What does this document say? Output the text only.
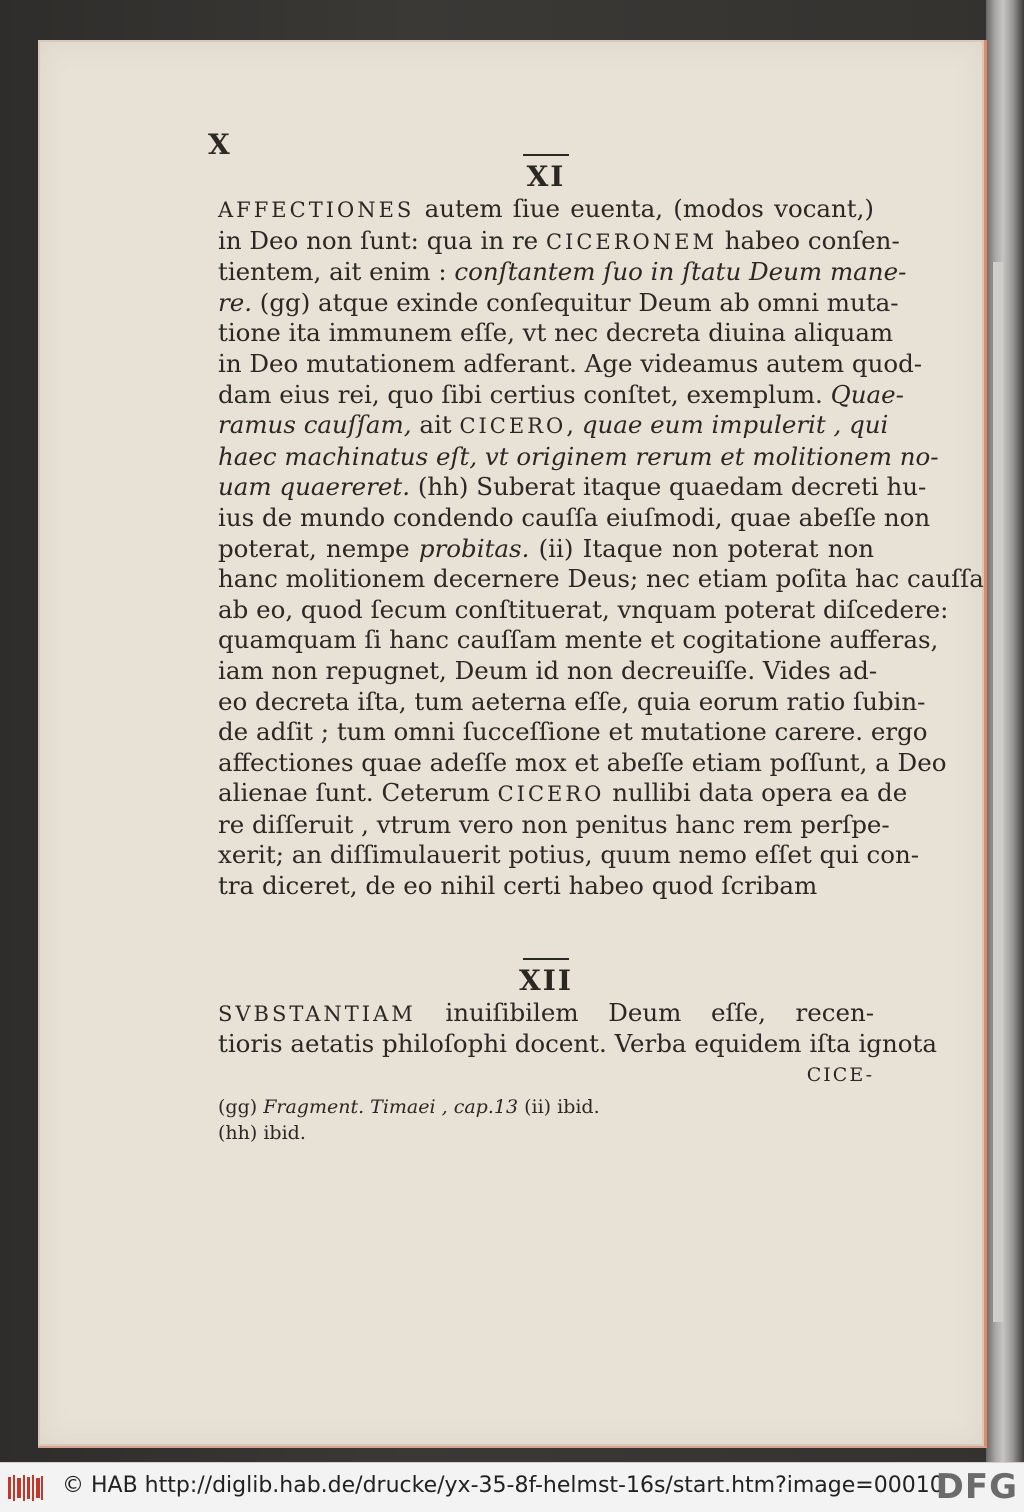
X
XI
AFFECTIONES autem ſiue euenta, (modos vocant,)
in Deo non ſunt: qua in re CICERONEM habeo conſen-
tientem, ait enim : conſtantem ſuo in ſtatu Deum mane-
re. (gg) atque exinde conſequitur Deum ab omni muta-
tione ita immunem eſſe, vt nec decreta diuina aliquam
in Deo mutationem adferant. Age videamus autem quod-
dam eius rei, quo ſibi certius conſtet, exemplum. Quae-
ramus cauſſam, ait CICERO, quae eum impulerit , qui
haec machinatus eſt, vt originem rerum et molitionem no-
uam quaereret. (hh) Suberat itaque quaedam decreti hu-
ius de mundo condendo cauſſa eiuſmodi, quae abeſſe non
poterat, nempe probitas. (ii) Itaque non poterat non
hanc molitionem decernere Deus; nec etiam poſita hac cauſſa
ab eo, quod ſecum conſtituerat, vnquam poterat diſcedere:
quamquam ſi hanc cauſſam mente et cogitatione aufferas,
iam non repugnet, Deum id non decreuiſſe. Vides ad-
eo decreta iſta, tum aeterna eſſe, quia eorum ratio ſubin-
de adſit ; tum omni ſucceſſione et mutatione carere. ergo
affectiones quae adeſſe mox et abeſſe etiam poſſunt, a Deo
alienae ſunt. Ceterum CICERO nullibi data opera ea de
re diſſeruit , vtrum vero non penitus hanc rem perſpe-
xerit; an diſſimulauerit potius, quum nemo eſſet qui con-
tra diceret, de eo nihil certi habeo quod ſcribam
XII
SVBSTANTIAM inuiſibilem Deum eſſe, recen-
tioris aetatis philoſophi docent. Verba equidem iſta ignota
CICE-
(gg) Fragment. Timaei , cap.13 (ii) ibid.
(hh) ibid.
© HAB http://diglib.hab.de/drucke/yx-35-8f-helmst-16s/start.htm?image=00010
DFG
